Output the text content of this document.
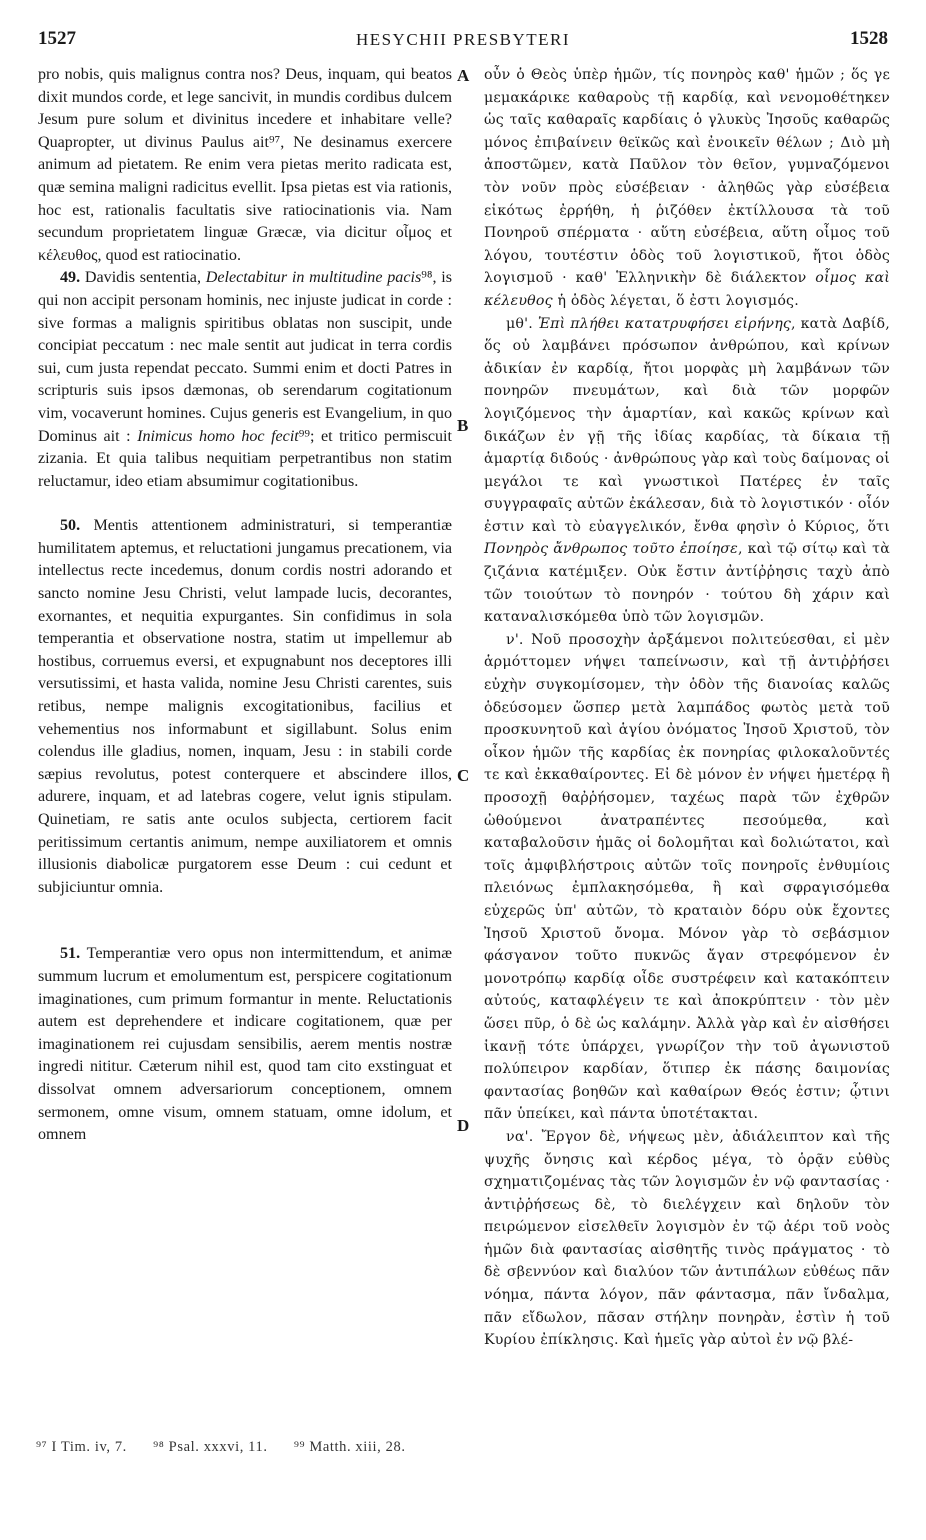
1527	HESYCHII PRESBYTERI	1528
A
B
C
D

pro nobis, quis malignus contra nos? Deus, inquam, qui beatos dixit mundos corde, et lege sancivit, in mundis cordibus dulcem Jesum pure solum et divinitus incedere et inhabitare velle? Quapropter, ut divinus Paulus ait⁹⁷, Ne desinamus exercere animum ad pietatem. Re enim vera pietas merito radicata est, quæ semina maligni radicitus evellit. Ipsa pietas est via rationis, hoc est, rationalis facultatis sive ratiocinationis via. Nam secundum proprietatem linguæ Græcæ, via dicitur οἶμος et κέλευθος, quod est ratiocinatio.

49. Davidis sententia, Delectabitur in multitudine pacis⁹⁸, is qui non accipit personam hominis, nec injuste judicat in corde : sive formas a malignis spiritibus oblatas non suscipit, unde concipiat peccatum : nec male sentit aut judicat in terra cordis sui, cum justa rependat peccato. Summi enim et docti Patres in scripturis suis ipsos dæmonas, ob serendarum cogitationum vim, vocaverunt homines. Cujus generis est Evangelium, in quo Dominus ait : Inimicus homo hoc fecit⁹⁹; et tritico permiscuit zizania. Et quia talibus nequitiam perpetrantibus non statim reluctamur, ideo etiam absumimur cogitationibus.

50. Mentis attentionem administraturi, si temperantiæ humilitatem aptemus, et reluctationi jungamus precationem, via intellectus recte incedemus, donum cordis nostri adorando et sancto nomine Jesu Christi, velut lampade lucis, decorantes, exornantes, et nequitia expurgantes. Sin confidimus in sola temperantia et observatione nostra, statim ut impellemur ab hostibus, corruemus eversi, et expugnabunt nos deceptores illi versutissimi, et hasta valida, nomine Jesu Christi carentes, suis retibus, nempe malignis excogitationibus, facilius et vehementius nos informabunt et sigillabunt. Solus enim colendus ille gladius, nomen, inquam, Jesu : in stabili corde sæpius revolutus, potest conterquere et abscindere illos, adurere, inquam, et ad latebras cogere, velut ignis stipulam. Quinetiam, re satis ante oculos subjecta, certiorem facit peritissimum certantis animum, nempe auxiliatorem et omnis illusionis diabolicæ purgatorem esse Deum : cui cedunt et subjiciuntur omnia.

51. Temperantiæ vero opus non intermittendum, et animæ summum lucrum et emolumentum est, perspicere cogitationum imaginationes, cum primum formantur in mente. Reluctationis autem est deprehendere et indicare cogitationem, quæ per imaginationem rei cujusdam sensibilis, aerem mentis nostræ ingredi nititur. Cæterum nihil est, quod tam cito exstinguat et dissolvat omnem adversariorum conceptionem, omnem sermonem, omne visum, omnem statuam, omne idolum, et omnem

οὖν ὁ Θεὸς ὑπὲρ ἡμῶν, τίς πονηρὸς καθ' ἡμῶν ; ὅς γε μεμακάρικε καθαροὺς τῇ καρδίᾳ, καὶ νενομοθέτηκεν ὡς ταῖς καθαραῖς καρδίαις ὁ γλυκὺς Ἰησοῦς καθαρῶς μόνος ἐπιβαίνειν θεϊκῶς καὶ ἐνοικεῖν θέλων ; Διὸ μὴ ἀποστῶμεν, κατὰ Παῦλον τὸν θεῖον, γυμναζόμενοι τὸν νοῦν πρὸς εὐσέβειαν · ἀληθῶς γὰρ εὐσέβεια εἰκότως ἐρρήθη, ἡ ῥιζόθεν ἐκτίλλουσα τὰ τοῦ Πονηροῦ σπέρματα · αὕτη εὐσέβεια, αὕτη οἶμος τοῦ λόγου, τουτέστιν ὁδὸς τοῦ λογιστικοῦ, ἤτοι ὁδὸς λογισμοῦ · καθ' Ἑλληνικὴν δὲ διάλεκτον οἶμος καὶ κέλευθος ἡ ὁδὸς λέγεται, ὅ ἐστι λογισμός.

μθ'. Ἐπὶ πλήθει κατατρυφήσει εἰρήνης, κατὰ Δαβίδ, ὅς οὐ λαμβάνει πρόσωπον ἀνθρώπου, καὶ κρίνων ἀδικίαν ἐν καρδίᾳ, ἤτοι μορφὰς μὴ λαμβάνων τῶν πονηρῶν πνευμάτων, καὶ διὰ τῶν μορφῶν λογιζόμενος τὴν ἁμαρτίαν, καὶ κακῶς κρίνων καὶ δικάζων ἐν γῇ τῆς ἰδίας καρδίας, τὰ δίκαια τῇ ἁμαρτίᾳ διδούς · ἀνθρώπους γὰρ καὶ τοὺς δαίμονας οἱ μεγάλοι τε καὶ γνωστικοὶ Πατέρες ἐν ταῖς συγγραφαῖς αὐτῶν ἐκάλεσαν, διὰ τὸ λογιστικόν · οἷόν ἐστιν καὶ τὸ εὐαγγελικόν, ἔνθα φησὶν ὁ Κύριος, ὅτι Πονηρὸς ἄνθρωπος τοῦτο ἐποίησε, καὶ τῷ σίτῳ καὶ τὰ ζιζάνια κατέμιξεν. Οὐκ ἔστιν ἀντίῤῥησις ταχὺ ἀπὸ τῶν τοιούτων τὸ πονηρόν · τούτου δὴ χάριν καὶ καταναλισκόμεθα ὑπὸ τῶν λογισμῶν.

ν'. Νοῦ προσοχὴν ἀρξάμενοι πολιτεύεσθαι, εἰ μὲν ἁρμόττομεν νήψει ταπείνωσιν, καὶ τῇ ἀντιῤῥήσει εὐχὴν συγκομίσομεν, τὴν ὁδὸν τῆς διανοίας καλῶς ὁδεύσομεν ὥσπερ μετὰ λαμπάδος φωτὸς μετὰ τοῦ προσκυνητοῦ καὶ ἁγίου ὀνόματος Ἰησοῦ Χριστοῦ, τὸν οἶκον ἡμῶν τῆς καρδίας ἐκ πονηρίας φιλοκαλοῦντές τε καὶ ἐκκαθαίροντες. Εἰ δὲ μόνον ἐν νήψει ἡμετέρᾳ ἢ προσοχῇ θαῤῥήσομεν, ταχέως παρὰ τῶν ἐχθρῶν ὠθούμενοι ἀνατραπέντες πεσούμεθα, καὶ καταβαλοῦσιν ἡμᾶς οἱ δολομῆται καὶ δολιώτατοι, καὶ τοῖς ἀμφιβλήστροις αὐτῶν τοῖς πονηροῖς ἐνθυμίοις πλειόνως ἐμπλακησόμεθα, ἢ καὶ σφραγισόμεθα εὐχερῶς ὑπ' αὐτῶν, τὸ κραταιὸν δόρυ οὐκ ἔχοντες Ἰησοῦ Χριστοῦ ὄνομα. Μόνον γὰρ τὸ σεβάσμιον φάσγανον τοῦτο πυκνῶς ἄγαν στρεφόμενον ἐν μονοτρόπῳ καρδίᾳ οἶδε συστρέφειν καὶ κατακόπτειν αὐτούς, καταφλέγειν τε καὶ ἀποκρύπτειν · τὸν μὲν ὥσει πῦρ, ὁ δὲ ὡς καλάμην. Ἀλλὰ γὰρ καὶ ἐν αἰσθήσει ἱκανῇ τότε ὑπάρχει, γνωρίζον τὴν τοῦ ἀγωνιστοῦ πολύπειρον καρδίαν, ὅτιπερ ἐκ πάσης δαιμονίας φαντασίας βοηθῶν καὶ καθαίρων Θεός ἐστιν; ᾧτινι πᾶν ὑπείκει, καὶ πάντα ὑποτέτακται.

να'. Ἔργον δὲ, νήψεως μὲν, ἀδιάλειπτον καὶ τῆς ψυχῆς ὄνησις καὶ κέρδος μέγα, τὸ ὁρᾷν εὐθὺς σχηματιζομένας τὰς τῶν λογισμῶν ἐν νῷ φαντασίας · ἀντιῤῥήσεως δὲ, τὸ διελέγχειν καὶ δηλοῦν τὸν πειρώμενον εἰσελθεῖν λογισμὸν ἐν τῷ ἀέρι τοῦ νοὸς ἡμῶν διὰ φαντασίας αἰσθητῆς τινὸς πράγματος · τὸ δὲ σβεννύον καὶ διαλύον τῶν ἀντιπάλων εὐθέως πᾶν νόημα, πάντα λόγον, πᾶν φάντασμα, πᾶν ἴνδαλμα, πᾶν εἴδωλον, πᾶσαν στήλην πονηρὰν, ἐστὶν ἡ τοῦ Κυρίου ἐπίκλησις. Καὶ ἡμεῖς γὰρ αὐτοὶ ἐν νῷ βλέ-

⁹⁷ I Tim. iv, 7. ⁹⁸ Psal. xxxvi, 11. ⁹⁹ Matth. xiii, 28.
